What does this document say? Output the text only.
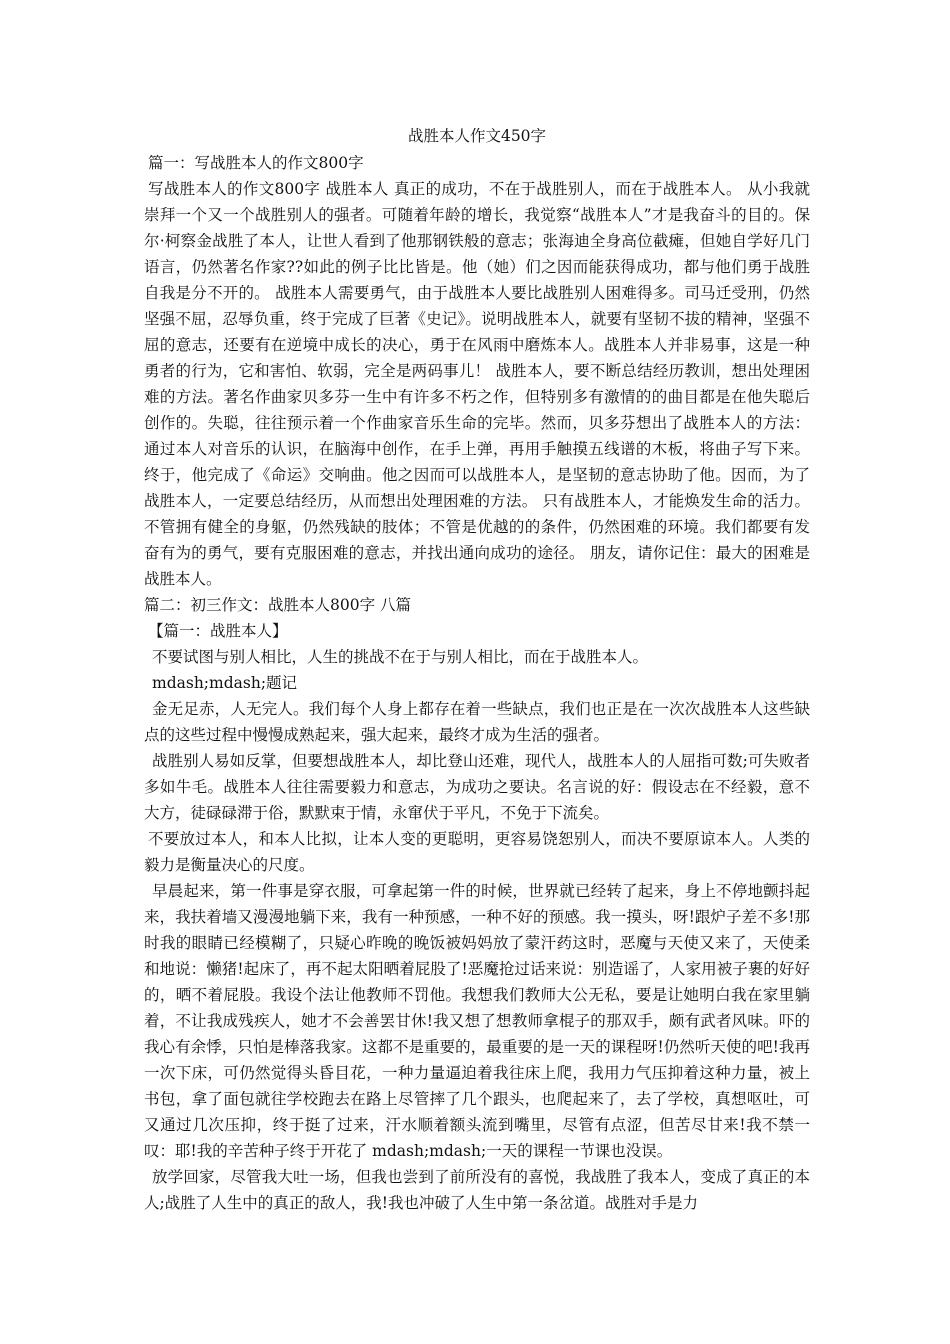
战胜本人作文450字

篇一：写战胜本人的作文800字

写战胜本人的作文800字 战胜本人 真正的成功，不在于战胜别人，而在于战胜本人。 从小我就崇拜一个又一个战胜别人的强者。可随着年龄的增长，我觉察“战胜本人”才是我奋斗的目的。保尔·柯察金战胜了本人，让世人看到了他那钢铁般的意志；张海迪全身高位截瘫，但她自学好几门语言，仍然著名作家??如此的例子比比皆是。他（她）们之因而能获得成功，都与他们勇于战胜自我是分不开的。 战胜本人需要勇气，由于战胜本人要比战胜别人困难得多。司马迁受刑，仍然坚强不屈，忍辱负重，终于完成了巨著《史记》。说明战胜本人，就要有坚韧不拔的精神，坚强不屈的意志，还要有在逆境中成长的决心，勇于在风雨中磨炼本人。战胜本人并非易事，这是一种勇者的行为，它和害怕、软弱，完全是两码事儿！ 战胜本人，要不断总结经历教训，想出处理困难的方法。著名作曲家贝多芬一生中有许多不朽之作，但特别多有激情的的曲目都是在他失聪后创作的。失聪，往往预示着一个作曲家音乐生命的完毕。然而，贝多芬想出了战胜本人的方法：通过本人对音乐的认识，在脑海中创作，在手上弹，再用手触摸五线谱的木板，将曲子写下来。终于，他完成了《命运》交响曲。他之因而可以战胜本人，是坚韧的意志协助了他。因而，为了战胜本人，一定要总结经历，从而想出处理困难的方法。 只有战胜本人，才能焕发生命的活力。不管拥有健全的身躯，仍然残缺的肢体；不管是优越的的条件，仍然困难的环境。我们都要有发奋有为的勇气，要有克服困难的意志，并找出通向成功的途径。 朋友，请你记住：最大的困难是战胜本人。

篇二：初三作文：战胜本人800字 八篇

【篇一：战胜本人】

不要试图与别人相比，人生的挑战不在于与别人相比，而在于战胜本人。

mdash;mdash;题记

金无足赤，人无完人。我们每个人身上都存在着一些缺点，我们也正是在一次次战胜本人这些缺点的这些过程中慢慢成熟起来，强大起来，最终才成为生活的强者。

战胜别人易如反掌，但要想战胜本人，却比登山还难，现代人，战胜本人的人屈指可数;可失败者多如牛毛。战胜本人往往需要毅力和意志，为成功之要诀。名言说的好：假设志在不经毅，意不大方，徒碌碌滞于俗，默默束于情，永窜伏于平凡，不免于下流矣。

不要放过本人，和本人比拟，让本人变的更聪明，更容易饶恕别人，而决不要原谅本人。人类的毅力是衡量决心的尺度。

早晨起来，第一件事是穿衣服，可拿起第一件的时候，世界就已经转了起来，身上不停地颤抖起来，我扶着墙又漫漫地躺下来，我有一种预感，一种不好的预感。我一摸头，呀!跟炉子差不多!那时我的眼睛已经模糊了，只疑心昨晚的晚饭被妈妈放了蒙汗药这时，恶魔与天使又来了，天使柔和地说：懒猪!起床了，再不起太阳晒着屁股了!恶魔抢过话来说：别造谣了，人家用被子裹的好好的，晒不着屁股。我设个法让他教师不罚他。我想我们教师大公无私，要是让她明白我在家里躺着，不让我成残疾人，她才不会善罢甘休!我又想了想教师拿棍子的那双手，颇有武者风味。吓的我心有余悸，只怕是棒落我家。这都不是重要的，最重要的是一天的课程呀!仍然听天使的吧!我再一次下床，可仍然觉得头昏目花，一种力量逼迫着我往床上爬，我用力气压抑着这种力量，被上书包，拿了面包就往学校跑去在路上尽管摔了几个跟头，也爬起来了，去了学校，真想呕吐，可又通过几次压抑，终于挺了过来，汗水顺着额头流到嘴里，尽管有点涩，但苦尽甘来!我不禁一叹：耶!我的辛苦种子终于开花了 mdash;mdash;一天的课程一节课也没误。

放学回家，尽管我大吐一场，但我也尝到了前所没有的喜悦，我战胜了我本人，变成了真正的本人;战胜了人生中的真正的敌人，我!我也冲破了人生中第一条岔道。战胜对手是力
